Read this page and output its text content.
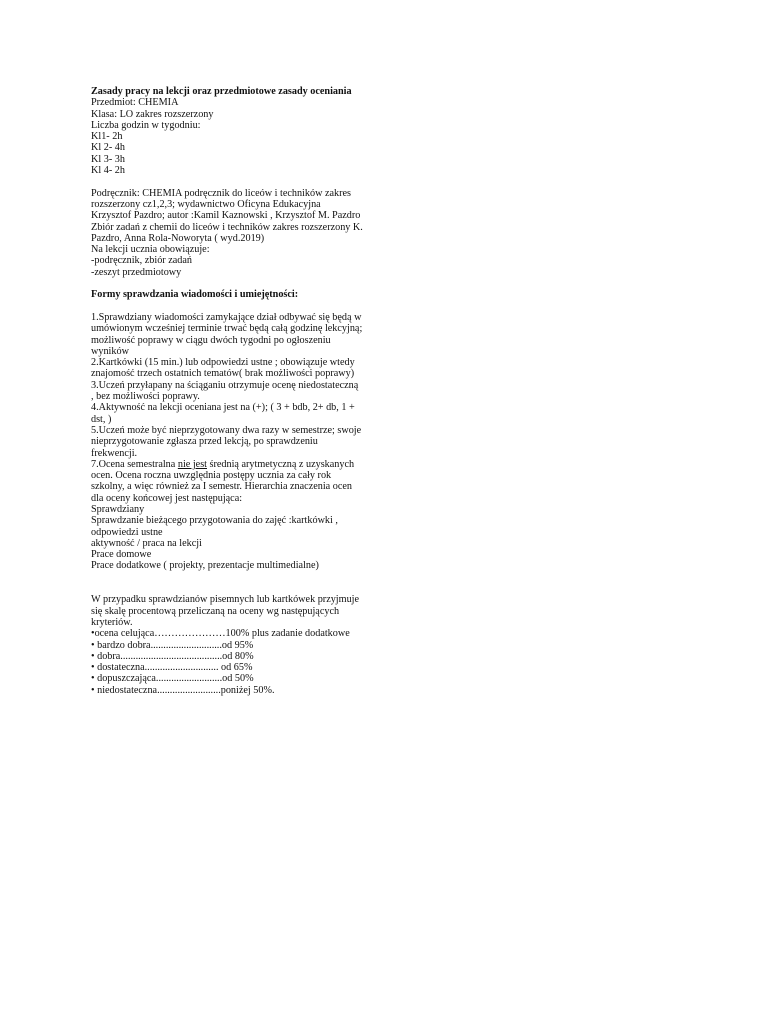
Zasady pracy na lekcji oraz przedmiotowe zasady oceniania
Przedmiot: CHEMIA
Klasa: LO zakres rozszerzony
Liczba godzin w tygodniu:
Kl1- 2h
Kl 2- 4h
Kl 3- 3h
Kl 4- 2h
Podręcznik: CHEMIA podręcznik do liceów i techników zakres rozszerzony cz1,2,3; wydawnictwo Oficyna Edukacyjna Krzysztof Pazdro; autor :Kamil Kaznowski , Krzysztof M. Pazdro
Zbiór zadań z chemii do liceów i techników zakres rozszerzony K. Pazdro, Anna Rola-Noworyta ( wyd.2019)
Na lekcji ucznia obowiązuje:
-podręcznik, zbiór zadań
-zeszyt przedmiotowy
Formy sprawdzania wiadomości i umiejętności:
1.Sprawdziany wiadomości zamykające dział odbywać się będą w umówionym wcześniej terminie trwać będą całą godzinę lekcyjną; możliwość poprawy w ciągu dwóch tygodni po ogłoszeniu wyników
2.Kartkówki (15 min.) lub odpowiedzi ustne ; obowiązuje wtedy znajomość trzech ostatnich tematów( brak możliwości poprawy)
3.Uczeń przyłapany na ściąganiu otrzymuje ocenę niedostateczną , bez możliwości poprawy.
4.Aktywność na lekcji oceniana jest na (+); ( 3 + bdb, 2+ db, 1 + dst, )
5.Uczeń może być nieprzygotowany dwa razy w semestrze; swoje nieprzygotowanie zgłasza przed lekcją, po sprawdzeniu frekwencji.
7.Ocena semestralna nie jest średnią arytmetyczną z uzyskanych ocen. Ocena roczna uwzględnia postępy ucznia za cały rok szkolny, a więc również za I semestr. Hierarchia znaczenia ocen dla oceny końcowej jest następująca:
Sprawdziany
Sprawdzanie bieżącego przygotowania do zajęć :kartkówki , odpowiedzi ustne
aktywność / praca na lekcji
Prace domowe
Prace dodatkowe ( projekty, prezentacje multimedialne)
W przypadku sprawdzianów pisemnych lub kartkówek przyjmuje się skalę procentową przeliczaną na oceny wg następujących kryteriów.
•ocena celująca…………………100% plus zadanie dodatkowe
• bardzo dobra............................od 95%
• dobra........................................od 80%
• dostateczna............................. od 65%
• dopuszczająca..........................od 50%
• niedostateczna.........................poniżej 50%.
